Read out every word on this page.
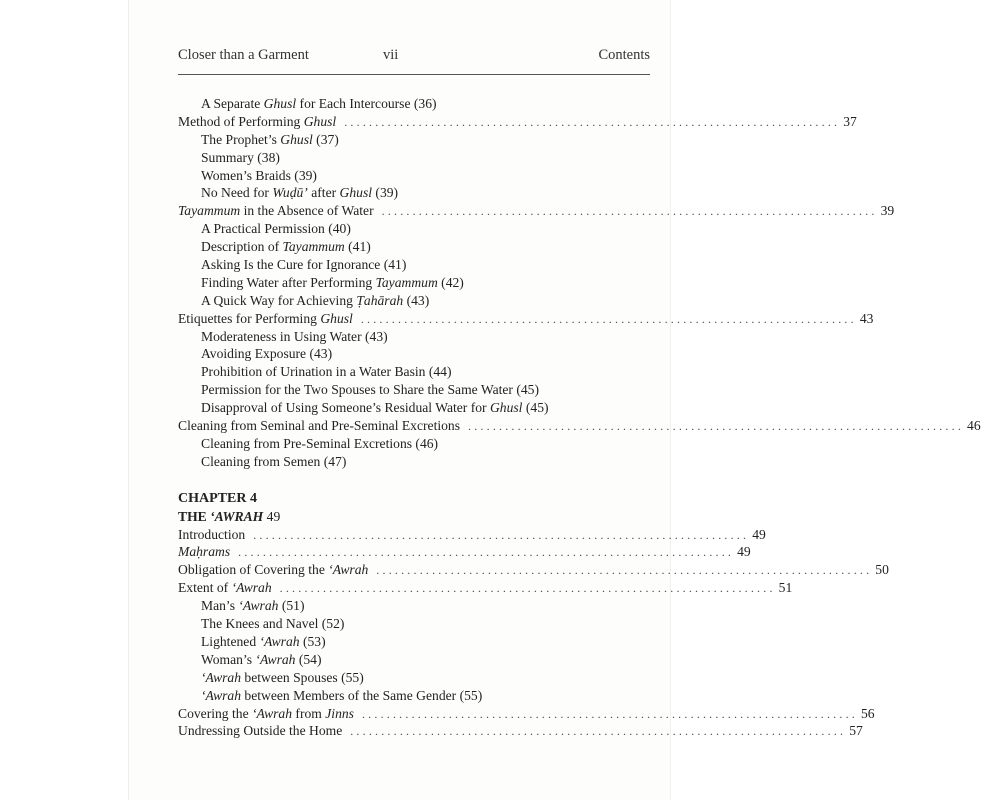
Closer than a Garment	vii	Contents
A Separate Ghusl for Each Intercourse (36)
Method of Performing Ghusl ................................................................................ 37
The Prophet’s Ghusl (37)
Summary (38)
Women’s Braids (39)
No Need for Wuḍū’ after Ghusl (39)
Tayammum in the Absence of Water ................................................................................ 39
A Practical Permission (40)
Description of Tayammum (41)
Asking Is the Cure for Ignorance (41)
Finding Water after Performing Tayammum (42)
A Quick Way for Achieving Ṭahārah (43)
Etiquettes for Performing Ghusl ................................................................................ 43
Moderateness in Using Water (43)
Avoiding Exposure (43)
Prohibition of Urination in a Water Basin (44)
Permission for the Two Spouses to Share the Same Water (45)
Disapproval of Using Someone’s Residual Water for Ghusl (45)
Cleaning from Seminal and Pre-Seminal Excretions ................................................................................ 46
Cleaning from Pre-Seminal Excretions (46)
Cleaning from Semen (47)
CHAPTER 4
THE ‘AWRAH 49
Introduction ................................................................................ 49
Maḥrams ................................................................................ 49
Obligation of Covering the ‘Awrah ................................................................................ 50
Extent of ‘Awrah ................................................................................ 51
Man’s ‘Awrah (51)
The Knees and Navel (52)
Lightened ‘Awrah (53)
Woman’s ‘Awrah (54)
‘Awrah between Spouses (55)
‘Awrah between Members of the Same Gender (55)
Covering the ‘Awrah from Jinns ................................................................................ 56
Undressing Outside the Home ................................................................................ 57
